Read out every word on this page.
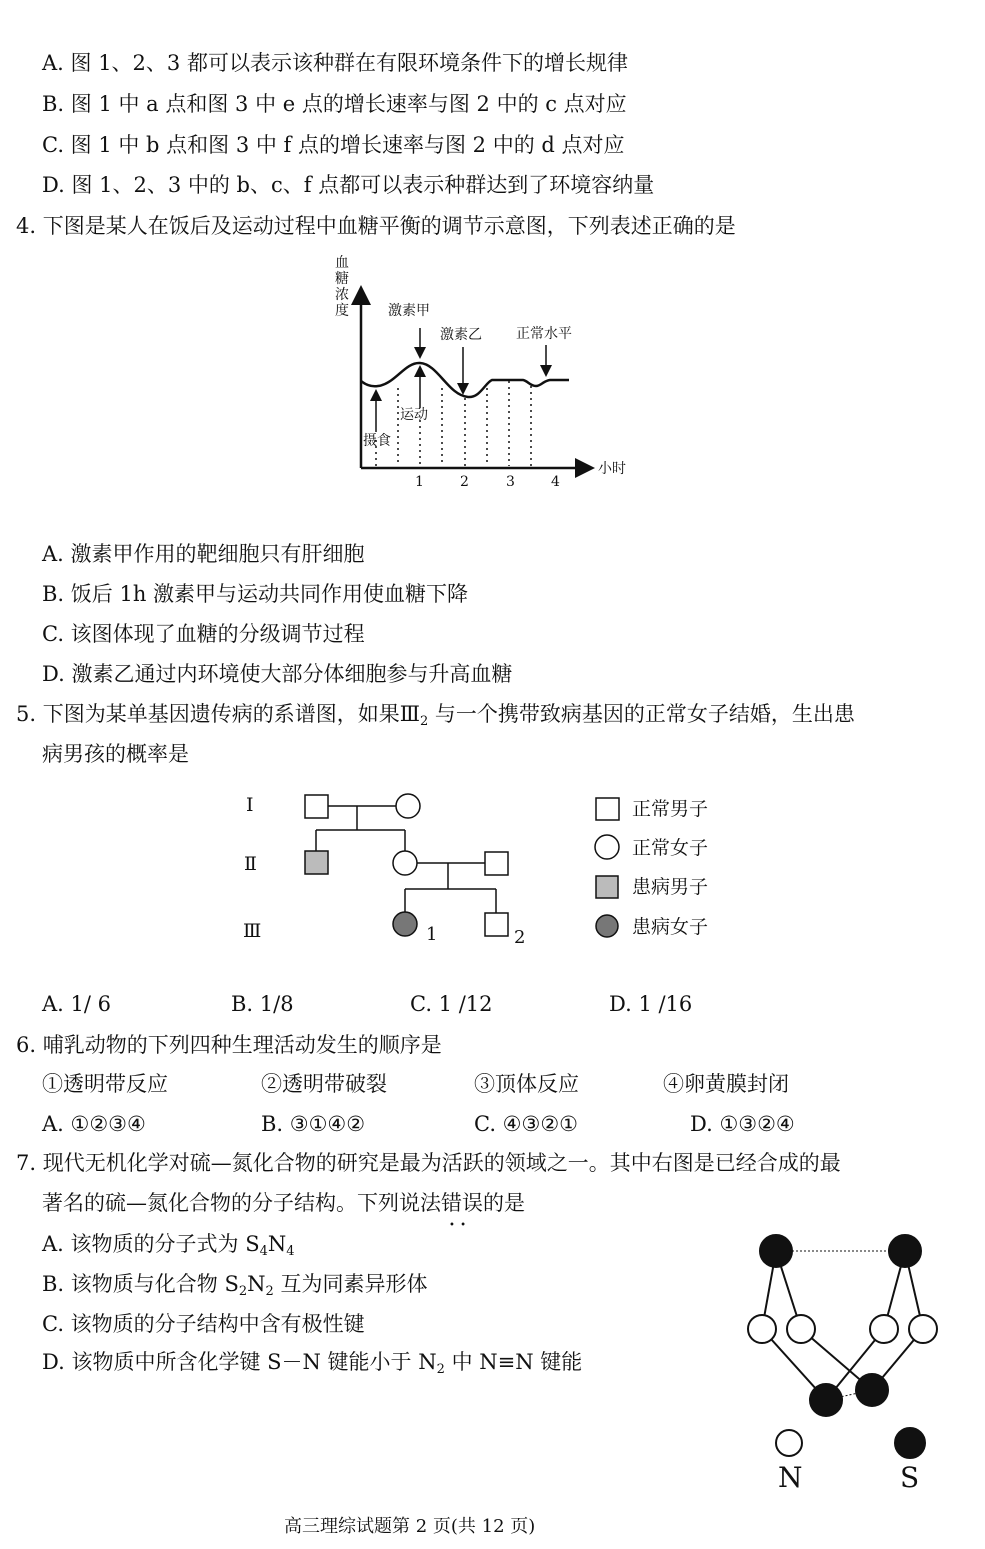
A. 图 1、2、3 都可以表示该种群在有限环境条件下的增长规律
B. 图 1 中 a 点和图 3 中 e 点的增长速率与图 2 中的 c 点对应
C. 图 1 中 b 点和图 3 中 f 点的增长速率与图 2 中的 d 点对应
D. 图 1、2、3 中的 b、c、f 点都可以表示种群达到了环境容纳量
4. 下图是某人在饭后及运动过程中血糖平衡的调节示意图，下列表述正确的是
血糖浓度	激素甲
激素乙 正常水平
运动
摄食
小时
1	2	3	4
A. 激素甲作用的靶细胞只有肝细胞
B. 饭后 1h 激素甲与运动共同作用使血糖下降
C. 该图体现了血糖的分级调节过程
D. 激素乙通过内环境使大部分体细胞参与升高血糖
5. 下图为某单基因遗传病的系谱图，如果$Ⅲ_2$ 与一个携带致病基因的正常女子结婚，生出患
病男孩的概率是
Ⅰ
Ⅱ
Ⅲ	1	2
正常男子
正常女子
患病男子
患病女子
A. 1/ 6	B. 1/8	C. 1 /12	D. 1 /16
6. 哺乳动物的下列四种生理活动发生的顺序是
①透明带反应	②透明带破裂	③顶体反应	④卵黄膜封闭
A. ①②③④	B. ③①④②	C. ④③②①	D. ①③②④
7. 现代无机化学对硫—氮化合物的研究是最为活跃的领域之一。其中右图是已经合成的最
著名的硫—氮化合物的分子结构。下列说法错误 • •的是
A. 该物质的分子式为 $S_4N_4$
B. 该物质与化合物 $S_2N_2$ 互为同素异形体
C. 该物质的分子结构中含有极性键
D. 该物质中所含化学键 S－N 键能小于 $N_2$ 中 N≡N 键能
N	S
高三理综试题第 2 页(共 12 页)
